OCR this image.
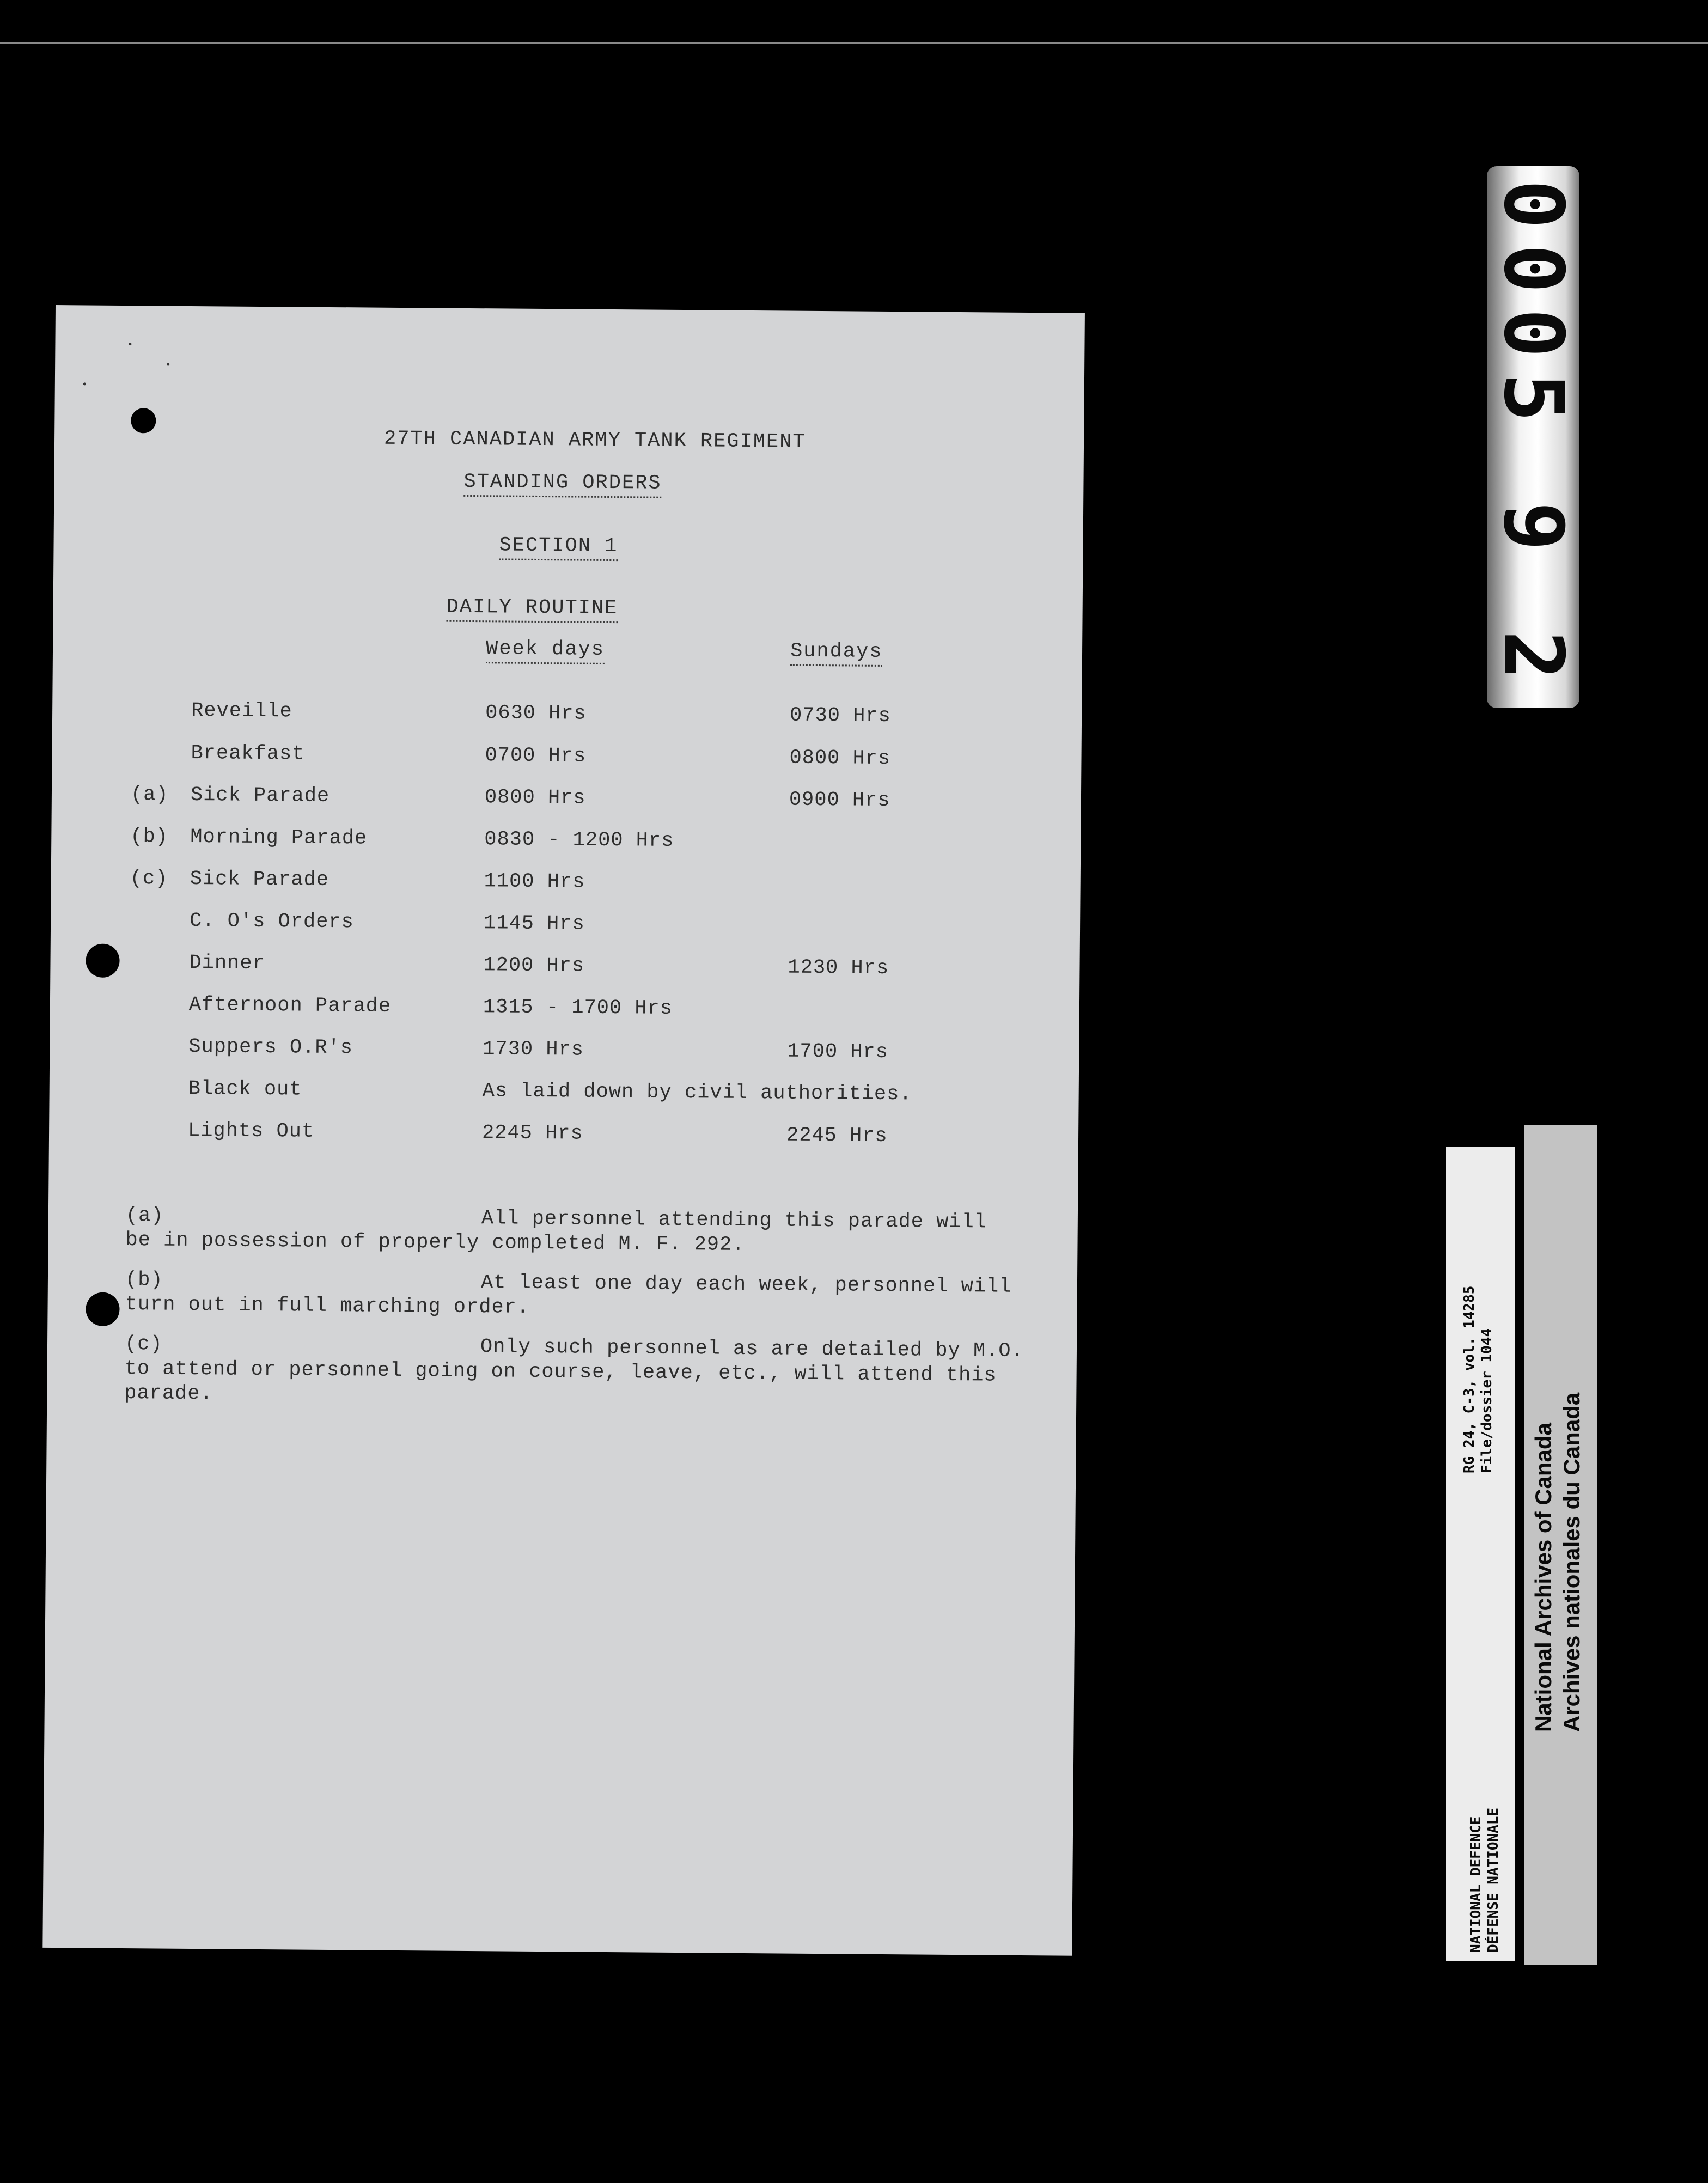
0005 9 2
27TH CANADIAN ARMY TANK REGIMENT
STANDING ORDERS
SECTION 1
DAILY ROUTINE
Week days	Sundays
Reveille	0630 Hrs	0730 Hrs
Breakfast	0700 Hrs	0800 Hrs
(a) Sick Parade	0800 Hrs	0900 Hrs
(b) Morning Parade	0830 - 1200 Hrs
(c) Sick Parade	1100 Hrs
C. O's Orders	1145 Hrs
Dinner	1200 Hrs	1230 Hrs
Afternoon Parade	1315 - 1700 Hrs
Suppers O.R's	1730 Hrs	1700 Hrs
Black out	As laid down by civil authorities.
Lights Out	2245 Hrs	2245 Hrs
(a)	All personnel attending this parade will
be in possession of properly completed M. F. 292.
(b)	At least one day each week, personnel will
turn out in full marching order.
(c)	Only such personnel as are detailed by M.O.
to attend or personnel going on course, leave, etc., will attend this
parade.	RG 24, C-3, vol. 14285 File/dossier 1044
NATIONAL DEFENCE DÉFENSE NATIONALE
National Archives of Canada Archives nationales du Canada
